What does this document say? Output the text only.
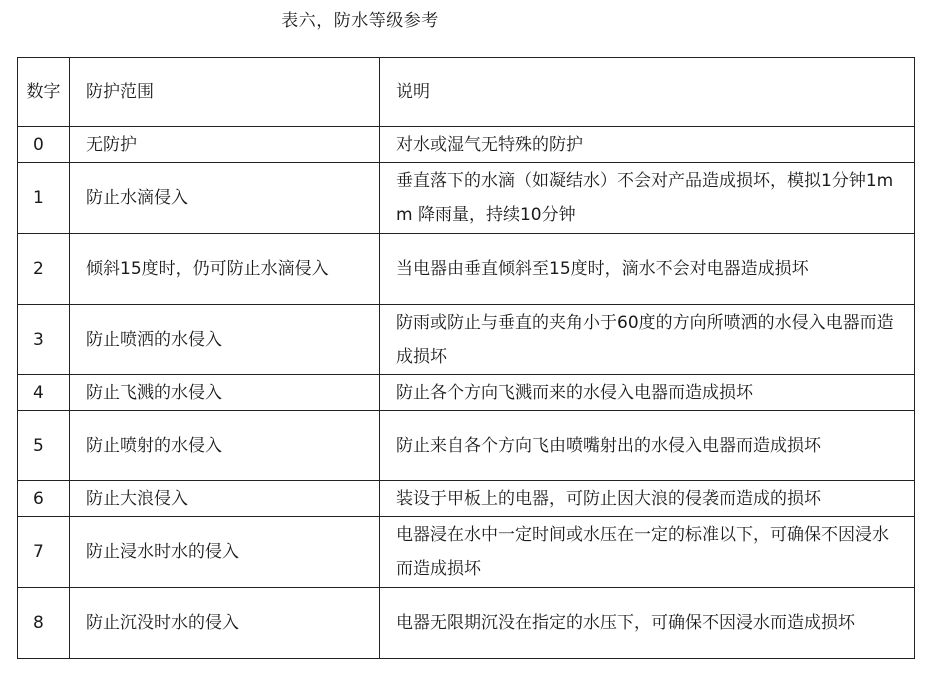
表六，防水等级参考
数字	防护范围	说明
0	无防护	对水或湿气无特殊的防护
1	防止水滴侵入	垂直落下的水滴（如凝结水）不会对产品造成损坏，模拟1分钟1mm 降雨量，持续10分钟
2	倾斜15度时，仍可防止水滴侵入	当电器由垂直倾斜至15度时，滴水不会对电器造成损坏
3	防止喷洒的水侵入	防雨或防止与垂直的夹角小于60度的方向所喷洒的水侵入电器而造成损坏
4	防止飞溅的水侵入	防止各个方向飞溅而来的水侵入电器而造成损坏
5	防止喷射的水侵入	防止来自各个方向飞由喷嘴射出的水侵入电器而造成损坏
6	防止大浪侵入	装设于甲板上的电器，可防止因大浪的侵袭而造成的损坏
7	防止浸水时水的侵入	电器浸在水中一定时间或水压在一定的标准以下，可确保不因浸水而造成损坏
8	防止沉没时水的侵入	电器无限期沉没在指定的水压下，可确保不因浸水而造成损坏
